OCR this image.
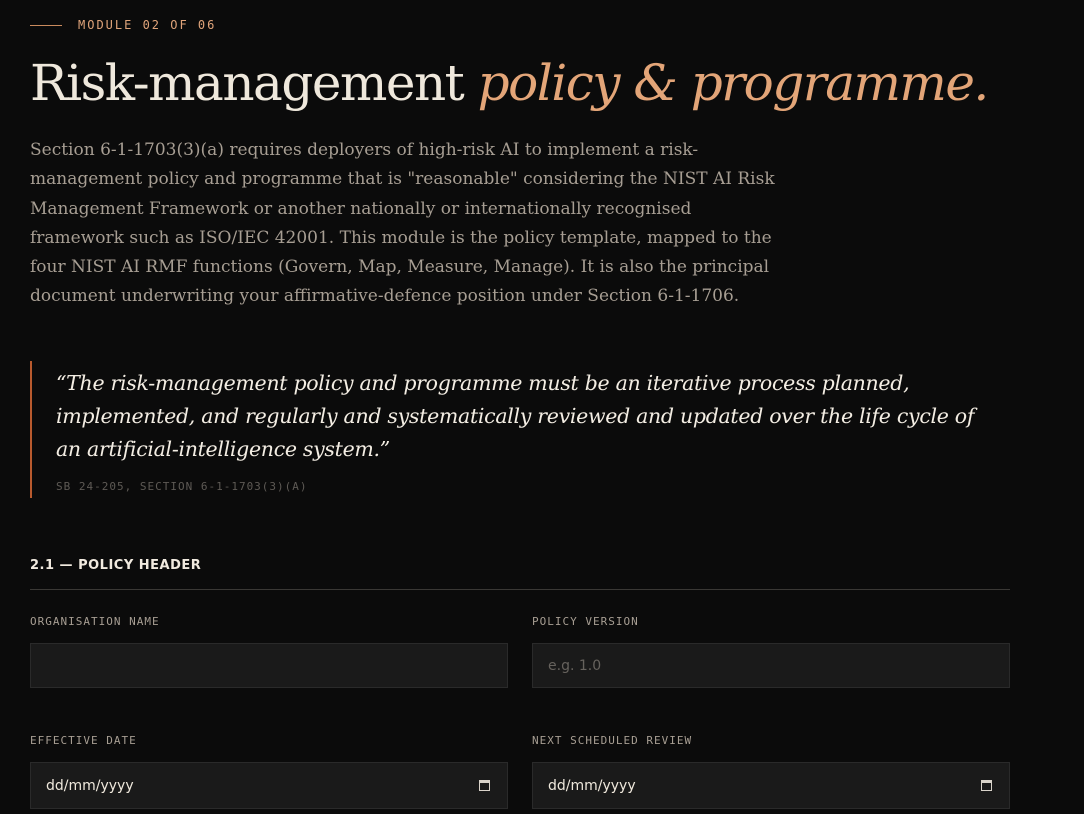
MODULE 02 OF 06
Risk-management policy & programme.

Section 6-1-1703(3)(a) requires deployers of high-risk AI to implement a risk-management policy and programme that is "reasonable" considering the NIST AI Risk Management Framework or another nationally or internationally recognised framework such as ISO/IEC 42001. This module is the policy template, mapped to the four NIST AI RMF functions (Govern, Map, Measure, Manage). It is also the principal document underwriting your affirmative-defence position under Section 6-1-1706.

“The risk-management policy and programme must be an iterative process planned, implemented, and regularly and systematically reviewed and updated over the life cycle of an artificial-intelligence system.”

SB 24-205, SECTION 6-1-1703(3)(A)
2.1 — POLICY HEADER
ORGANISATION NAME	POLICY VERSION
e.g. 1.0
EFFECTIVE DATE
dd/mm/yyyy
NEXT SCHEDULED REVIEW
dd/mm/yyyy
